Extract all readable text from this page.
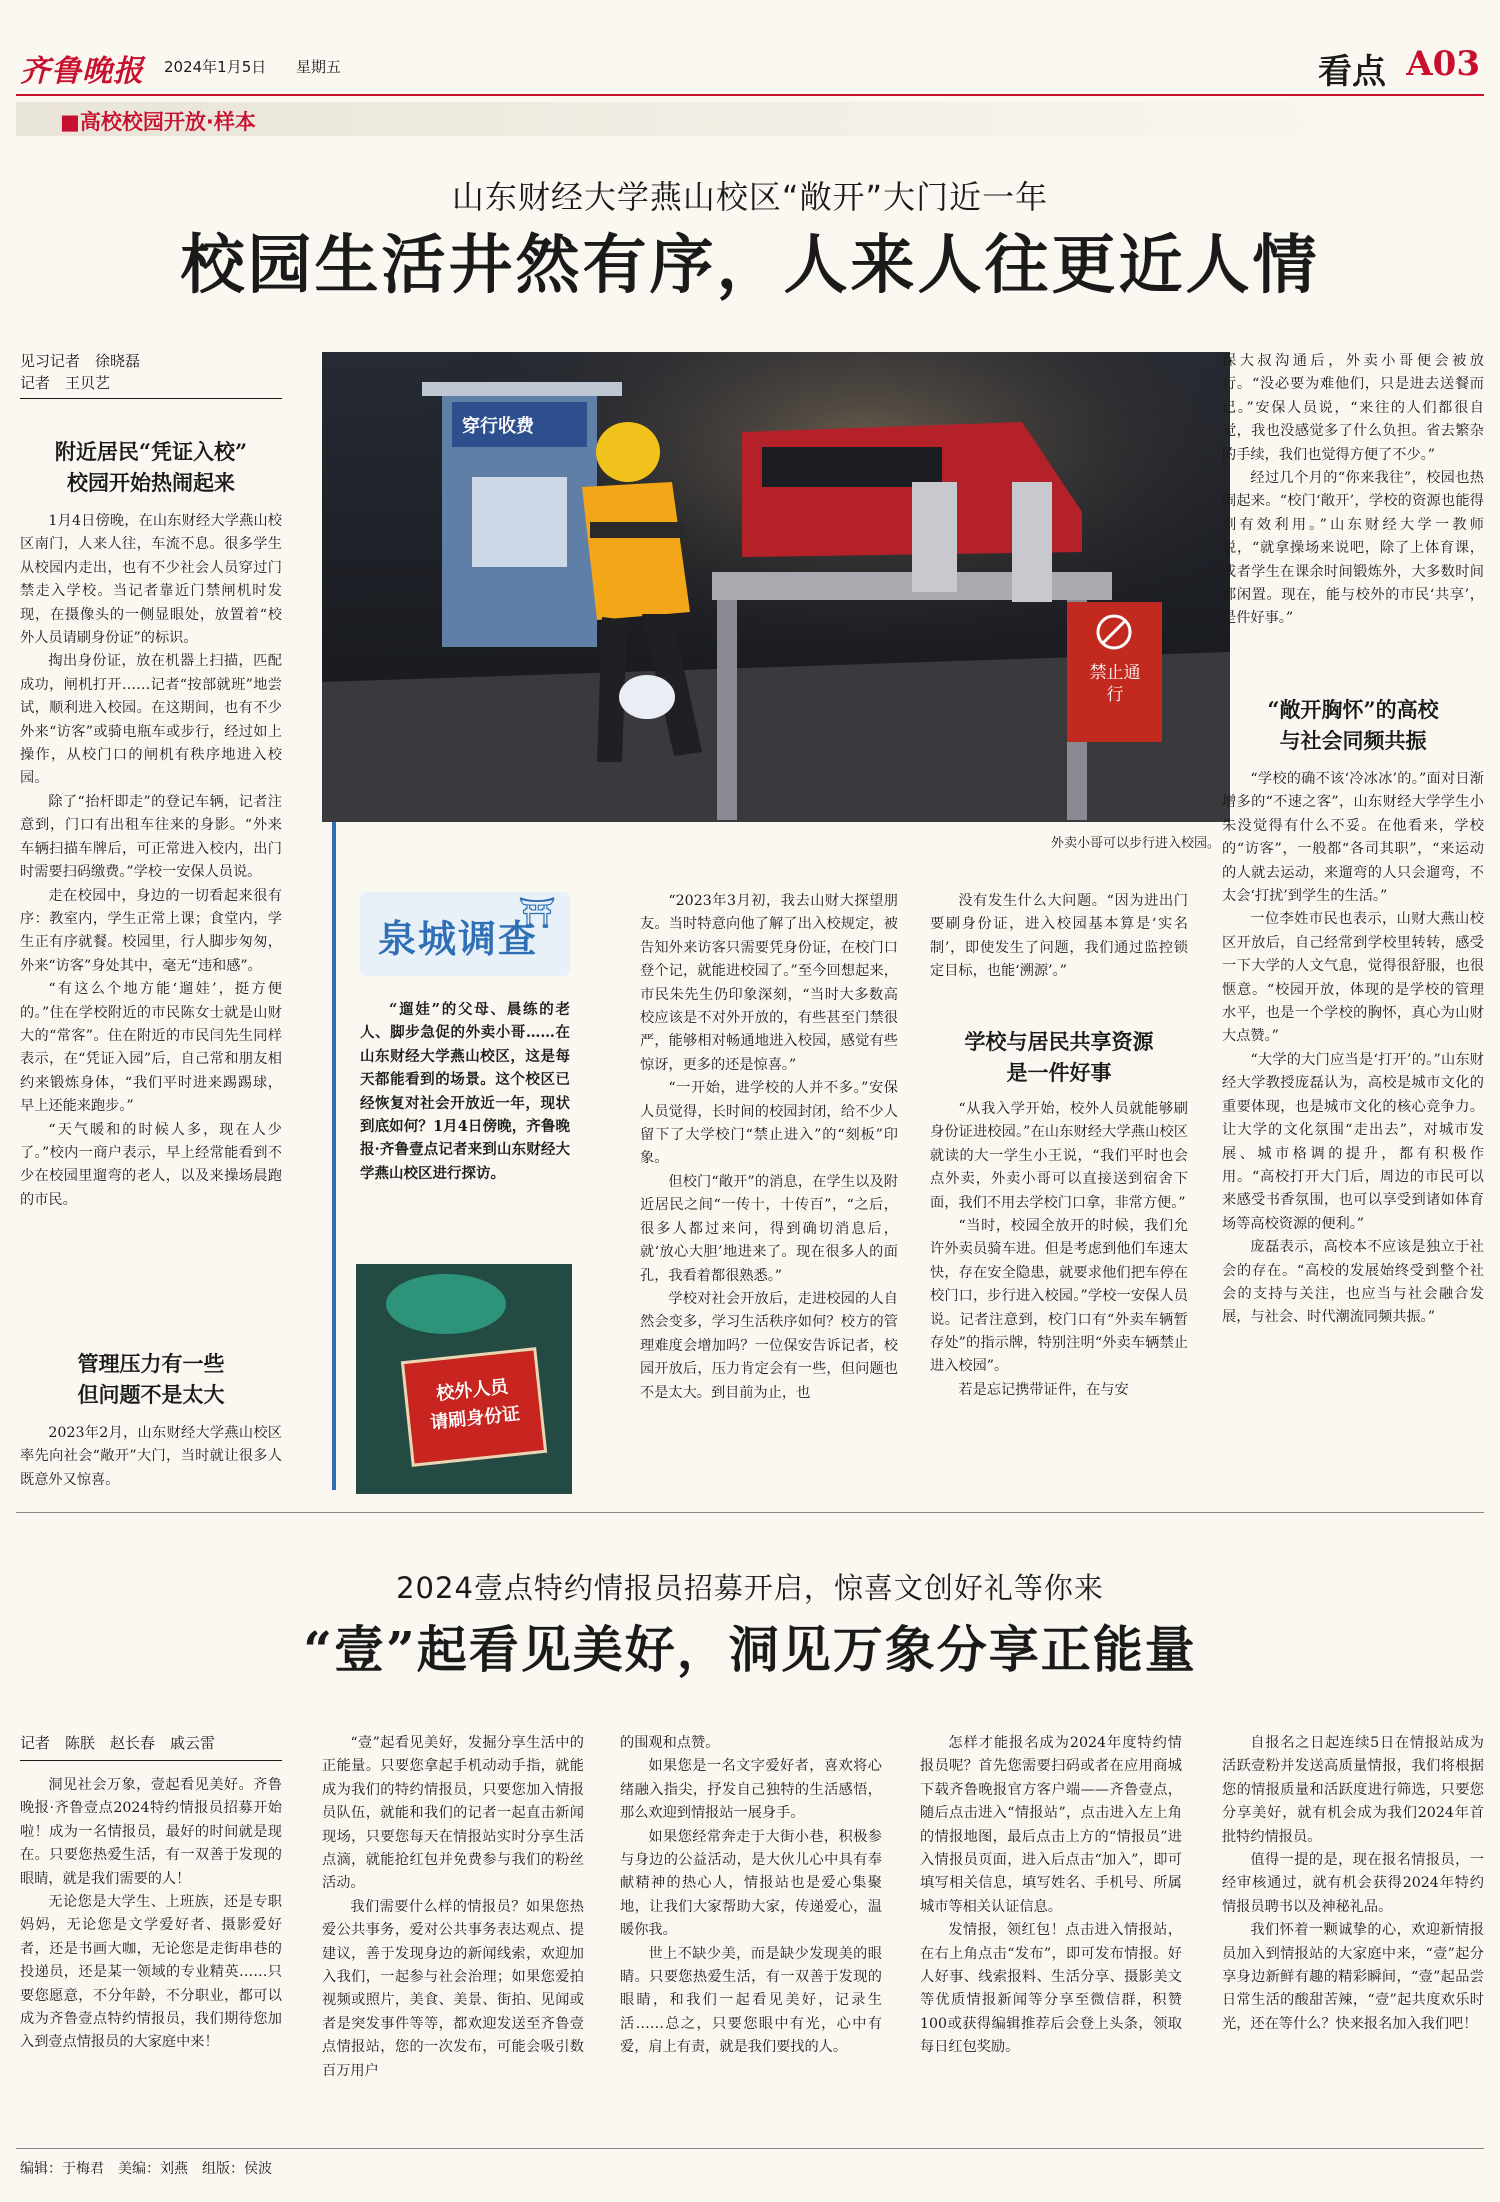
齐鲁晚报 2024年1月5日 星期五	看点 A03
■高校校园开放·样本
山东财经大学燕山校区“敞开”大门近一年
校园生活井然有序，人来人往更近人情
见习记者　徐晓磊
记者　王贝艺
穿行收费
禁止通行
外卖小哥可以步行进入校园。
附近居民“凭证入校”
校园开始热闹起来

1月4日傍晚，在山东财经大学燕山校区南门，人来人往，车流不息。很多学生从校园内走出，也有不少社会人员穿过门禁走入学校。当记者靠近门禁闸机时发现，在摄像头的一侧显眼处，放置着“校外人员请刷身份证”的标识。

掏出身份证，放在机器上扫描，匹配成功，闸机打开……记者“按部就班”地尝试，顺利进入校园。在这期间，也有不少外来“访客”或骑电瓶车或步行，经过如上操作，从校门口的闸机有秩序地进入校园。

除了“抬杆即走”的登记车辆，记者注意到，门口有出租车往来的身影。“外来车辆扫描车牌后，可正常进入校内，出门时需要扫码缴费。”学校一安保人员说。

走在校园中，身边的一切看起来很有序：教室内，学生正常上课；食堂内，学生正有序就餐。校园里，行人脚步匆匆，外来“访客”身处其中，毫无“违和感”。

“有这么个地方能‘遛娃’，挺方便的。”住在学校附近的市民陈女士就是山财大的“常客”。住在附近的市民闫先生同样表示，在“凭证入园”后，自己常和朋友相约来锻炼身体，“我们平时进来踢踢球，早上还能来跑步。”

“天气暖和的时候人多，现在人少了。”校内一商户表示，早上经常能看到不少在校园里遛弯的老人，以及来操场晨跑的市民。

管理压力有一些
但问题不是太大

2023年2月，山东财经大学燕山校区率先向社会“敞开”大门，当时就让很多人既意外又惊喜。

泉城调查
⛩

“遛娃”的父母、晨练的老人、脚步急促的外卖小哥……在山东财经大学燕山校区，这是每天都能看到的场景。这个校区已经恢复对社会开放近一年，现状到底如何？1月4日傍晚，齐鲁晚报·齐鲁壹点记者来到山东财经大学燕山校区进行探访。

校外人员
请刷身份证

“2023年3月初，我去山财大探望朋友。当时特意向他了解了出入校规定，被告知外来访客只需要凭身份证，在校门口登个记，就能进校园了。”至今回想起来，市民朱先生仍印象深刻，“当时大多数高校应该是不对外开放的，有些甚至门禁很严，能够相对畅通地进入校园，感觉有些惊讶，更多的还是惊喜。”

“一开始，进学校的人并不多。”安保人员觉得，长时间的校园封闭，给不少人留下了大学校门“禁止进入”的“刻板”印象。

但校门“敞开”的消息，在学生以及附近居民之间“一传十，十传百”，“之后，很多人都过来问，得到确切消息后，就‘放心大胆’地进来了。现在很多人的面孔，我看着都很熟悉。”

学校对社会开放后，走进校园的人自然会变多，学习生活秩序如何？校方的管理难度会增加吗？一位保安告诉记者，校园开放后，压力肯定会有一些，但问题也不是太大。到目前为止，也

没有发生什么大问题。“因为进出门要刷身份证，进入校园基本算是‘实名制’，即使发生了问题，我们通过监控锁定目标，也能‘溯源’。”

学校与居民共享资源
是一件好事

“从我入学开始，校外人员就能够刷身份证进校园。”在山东财经大学燕山校区就读的大一学生小王说，“我们平时也会点外卖，外卖小哥可以直接送到宿舍下面，我们不用去学校门口拿，非常方便。”

“当时，校园全放开的时候，我们允许外卖员骑车进。但是考虑到他们车速太快，存在安全隐患，就要求他们把车停在校门口，步行进入校园。”学校一安保人员说。记者注意到，校门口有“外卖车辆暂存处”的指示牌，特别注明“外卖车辆禁止进入校园”。

若是忘记携带证件，在与安

保大叔沟通后，外卖小哥便会被放行。“没必要为难他们，只是进去送餐而已。”安保人员说，“来往的人们都很自觉，我也没感觉多了什么负担。省去繁杂的手续，我们也觉得方便了不少。”

经过几个月的“你来我往”，校园也热闹起来。“校门‘敞开’，学校的资源也能得到有效利用。”山东财经大学一教师说，“就拿操场来说吧，除了上体育课，或者学生在课余时间锻炼外，大多数时间都闲置。现在，能与校外的市民‘共享’，是件好事。”

“敞开胸怀”的高校
与社会同频共振

“学校的确不该‘冷冰冰’的。”面对日渐增多的“不速之客”，山东财经大学学生小朱没觉得有什么不妥。在他看来，学校的“访客”，一般都“各司其职”，“来运动的人就去运动，来遛弯的人只会遛弯，不太会‘打扰’到学生的生活。”

一位李姓市民也表示，山财大燕山校区开放后，自己经常到学校里转转，感受一下大学的人文气息，觉得很舒服，也很惬意。“校园开放，体现的是学校的管理水平，也是一个学校的胸怀，真心为山财大点赞。”

“大学的大门应当是‘打开’的。”山东财经大学教授庞磊认为，高校是城市文化的重要体现，也是城市文化的核心竞争力。让大学的文化氛围“走出去”，对城市发展、城市格调的提升，都有积极作用。“高校打开大门后，周边的市民可以来感受书香氛围，也可以享受到诸如体育场等高校资源的便利。”

庞磊表示，高校本不应该是独立于社会的存在。“高校的发展始终受到整个社会的支持与关注，也应当与社会融合发展，与社会、时代潮流同频共振。”

2024壹点特约情报员招募开启，惊喜文创好礼等你来
“壹”起看见美好，洞见万象分享正能量
记者　陈朕　赵长春　戚云雷

洞见社会万象，壹起看见美好。齐鲁晚报·齐鲁壹点2024特约情报员招募开始啦！成为一名情报员，最好的时间就是现在。只要您热爱生活，有一双善于发现的眼睛，就是我们需要的人！

无论您是大学生、上班族，还是专职妈妈，无论您是文学爱好者、摄影爱好者，还是书画大咖，无论您是走街串巷的投递员，还是某一领域的专业精英……只要您愿意，不分年龄，不分职业，都可以成为齐鲁壹点特约情报员，我们期待您加入到壹点情报员的大家庭中来！

“壹”起看见美好，发掘分享生活中的正能量。只要您拿起手机动动手指，就能成为我们的特约情报员，只要您加入情报员队伍，就能和我们的记者一起直击新闻现场，只要您每天在情报站实时分享生活点滴，就能抢红包并免费参与我们的粉丝活动。

我们需要什么样的情报员？如果您热爱公共事务，爱对公共事务表达观点、提建议，善于发现身边的新闻线索，欢迎加入我们，一起参与社会治理；如果您爱拍视频或照片，美食、美景、街拍、见闻或者是突发事件等等，都欢迎发送至齐鲁壹点情报站，您的一次发布，可能会吸引数百万用户

的围观和点赞。

如果您是一名文字爱好者，喜欢将心绪融入指尖，抒发自己独特的生活感悟，那么欢迎到情报站一展身手。

如果您经常奔走于大街小巷，积极参与身边的公益活动，是大伙儿心中具有奉献精神的热心人，情报站也是爱心集聚地，让我们大家帮助大家，传递爱心，温暖你我。

世上不缺少美，而是缺少发现美的眼睛。只要您热爱生活，有一双善于发现的眼睛，和我们一起看见美好，记录生活……总之，只要您眼中有光，心中有爱，肩上有责，就是我们要找的人。

怎样才能报名成为2024年度特约情报员呢？首先您需要扫码或者在应用商城下载齐鲁晚报官方客户端——齐鲁壹点，随后点击进入“情报站”，点击进入左上角的情报地图，最后点击上方的“情报员”进入情报员页面，进入后点击“加入”，即可填写相关信息，填写姓名、手机号、所属城市等相关认证信息。

发情报，领红包！点击进入情报站，在右上角点击“发布”，即可发布情报。好人好事、线索报料、生活分享、摄影美文等优质情报新闻等分享至微信群，积赞100或获得编辑推荐后会登上头条，领取每日红包奖励。

自报名之日起连续5日在情报站成为活跃壹粉并发送高质量情报，我们将根据您的情报质量和活跃度进行筛选，只要您分享美好，就有机会成为我们2024年首批特约情报员。

值得一提的是，现在报名情报员，一经审核通过，就有机会获得2024年特约情报员聘书以及神秘礼品。

我们怀着一颗诚挚的心，欢迎新情报员加入到情报站的大家庭中来，“壹”起分享身边新鲜有趣的精彩瞬间，“壹”起品尝日常生活的酸甜苦辣，“壹”起共度欢乐时光，还在等什么？快来报名加入我们吧！

编辑：于梅君　美编：刘燕　组版：侯波
